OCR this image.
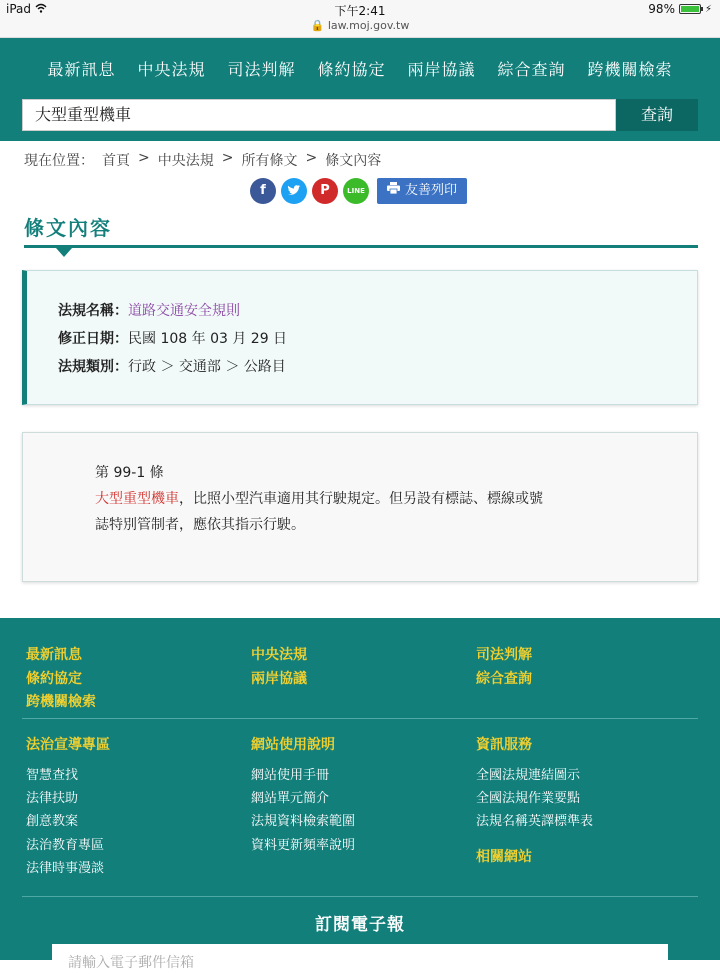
iPad	下午2:41
🔒 law.moj.gov.tw
98%	⚡
最新訊息 中央法規 司法判解 條約協定 兩岸協議 綜合查詢 跨機關檢索
大型重型機車	查詢
現在位置： 首頁 > 中央法規 > 所有條文 > 條文內容
f	P	LINE	友善列印
條文內容
法規名稱：道路交通安全規則
修正日期：民國 108 年 03 月 29 日
法規類別：行政 ＞ 交通部 ＞ 公路目
第 99-1 條
大型重型機車，比照小型汽車適用其行駛規定。但另設有標誌、標線或號
誌特別管制者，應依其指示行駛。
最新訊息	中央法規	司法判解
條約協定	兩岸協議	綜合查詢
跨機關檢索
法治宣導專區
智慧查找
法律扶助
創意教案
法治教育專區
法律時事漫談
網站使用說明
網站使用手冊
網站單元簡介
法規資料檢索範圍
資料更新頻率說明
資訊服務
全國法規連結圖示
全國法規作業要點
法規名稱英譯標準表
相關網站
訂閱電子報
請輸入電子郵件信箱
